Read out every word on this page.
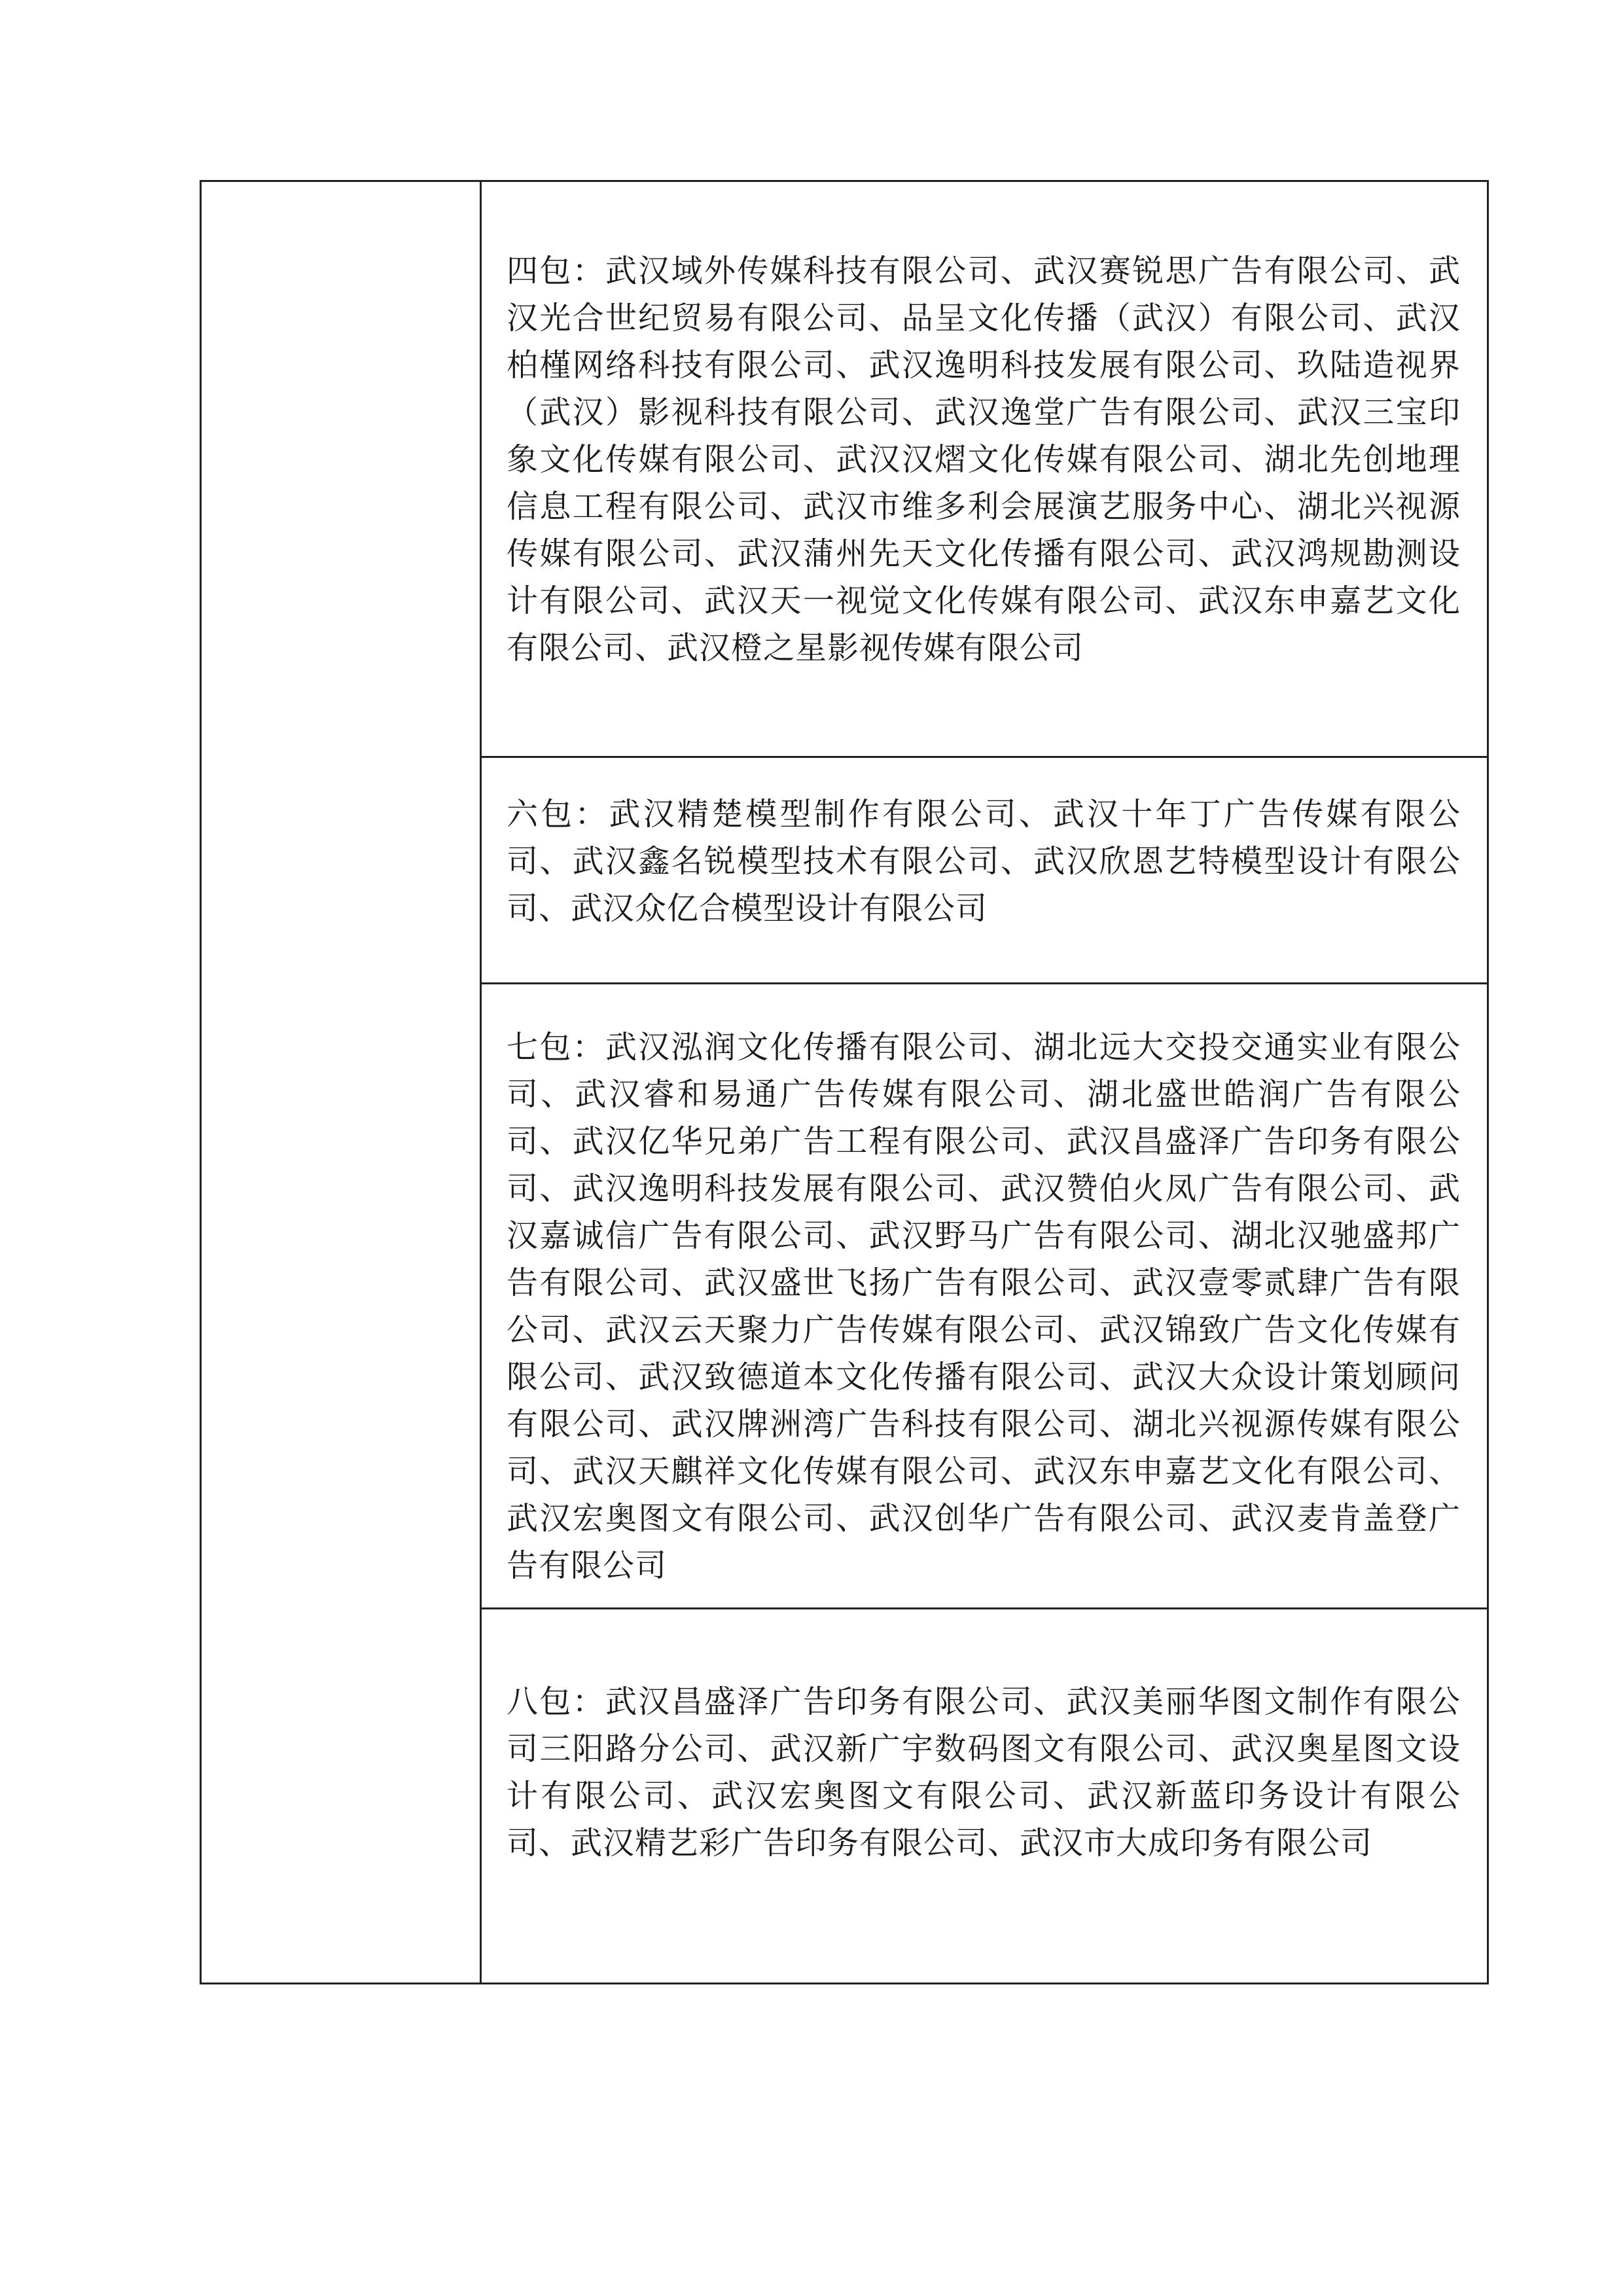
四包：武汉域外传媒科技有限公司、武汉赛锐思广告有限公司、武汉光合世纪贸易有限公司、品呈文化传播（武汉）有限公司、武汉柏槿网络科技有限公司、武汉逸明科技发展有限公司、玖陆造视界（武汉）影视科技有限公司、武汉逸堂广告有限公司、武汉三宝印象文化传媒有限公司、武汉汉熠文化传媒有限公司、湖北先创地理信息工程有限公司、武汉市维多利会展演艺服务中心、湖北兴视源传媒有限公司、武汉蒲州先天文化传播有限公司、武汉鸿规勘测设计有限公司、武汉天一视觉文化传媒有限公司、武汉东申嘉艺文化有限公司、武汉橙之星影视传媒有限公司

六包：武汉精楚模型制作有限公司、武汉十年丁广告传媒有限公司、武汉鑫名锐模型技术有限公司、武汉欣恩艺特模型设计有限公司、武汉众亿合模型设计有限公司

七包：武汉泓润文化传播有限公司、湖北远大交投交通实业有限公司、武汉睿和易通广告传媒有限公司、湖北盛世皓润广告有限公司、武汉亿华兄弟广告工程有限公司、武汉昌盛泽广告印务有限公司、武汉逸明科技发展有限公司、武汉赞伯火凤广告有限公司、武汉嘉诚信广告有限公司、武汉野马广告有限公司、湖北汉驰盛邦广告有限公司、武汉盛世飞扬广告有限公司、武汉壹零贰肆广告有限公司、武汉云天聚力广告传媒有限公司、武汉锦致广告文化传媒有限公司、武汉致德道本文化传播有限公司、武汉大众设计策划顾问有限公司、武汉牌洲湾广告科技有限公司、湖北兴视源传媒有限公司、武汉天麒祥文化传媒有限公司、武汉东申嘉艺文化有限公司、武汉宏奥图文有限公司、武汉创华广告有限公司、武汉麦肯盖登广告有限公司

八包：武汉昌盛泽广告印务有限公司、武汉美丽华图文制作有限公司三阳路分公司、武汉新广宇数码图文有限公司、武汉奥星图文设计有限公司、武汉宏奥图文有限公司、武汉新蓝印务设计有限公司、武汉精艺彩广告印务有限公司、武汉市大成印务有限公司
